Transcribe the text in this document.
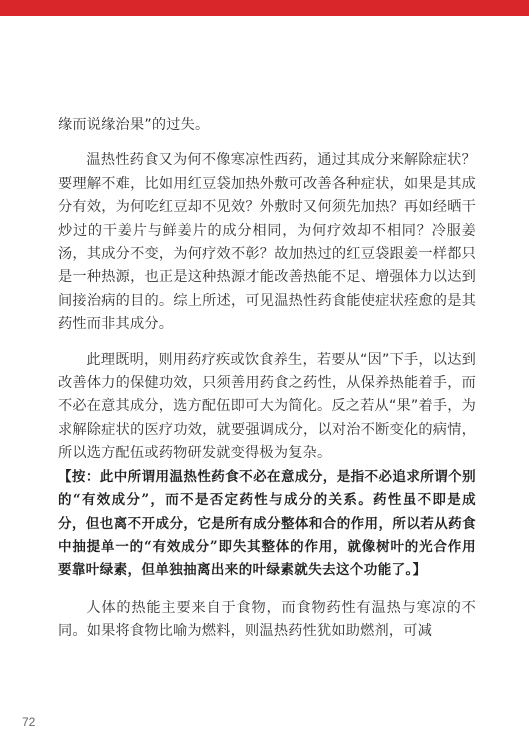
缘而说缘治果”的过失。

温热性药食又为何不像寒凉性西药，通过其成分来解除症状？要理解不难，比如用红豆袋加热外敷可改善各种症状，如果是其成分有效，为何吃红豆却不见效？外敷时又何须先加热？再如经晒干炒过的干姜片与鲜姜片的成分相同，为何疗效却不相同？冷服姜汤，其成分不变，为何疗效不彰？故加热过的红豆袋跟姜一样都只是一种热源，也正是这种热源才能改善热能不足、增强体力以达到间接治病的目的。综上所述，可见温热性药食能使症状痊愈的是其药性而非其成分。

此理既明，则用药疗疾或饮食养生，若要从“因”下手，以达到改善体力的保健功效，只须善用药食之药性，从保养热能着手，而不必在意其成分，选方配伍即可大为简化。反之若从“果”着手，为求解除症状的医疗功效，就要强调成分，以对治不断变化的病情，所以选方配伍或药物研发就变得极为复杂。

【按：此中所谓用温热性药食不必在意成分，是指不必追求所谓个别的“有效成分”，而不是否定药性与成分的关系。药性虽不即是成分，但也离不开成分，它是所有成分整体和合的作用，所以若从药食中抽提单一的“有效成分”即失其整体的作用，就像树叶的光合作用要靠叶绿素，但单独抽离出来的叶绿素就失去这个功能了。】

人体的热能主要来自于食物，而食物药性有温热与寒凉的不同。如果将食物比喻为燃料，则温热药性犹如助燃剂，可减

72
